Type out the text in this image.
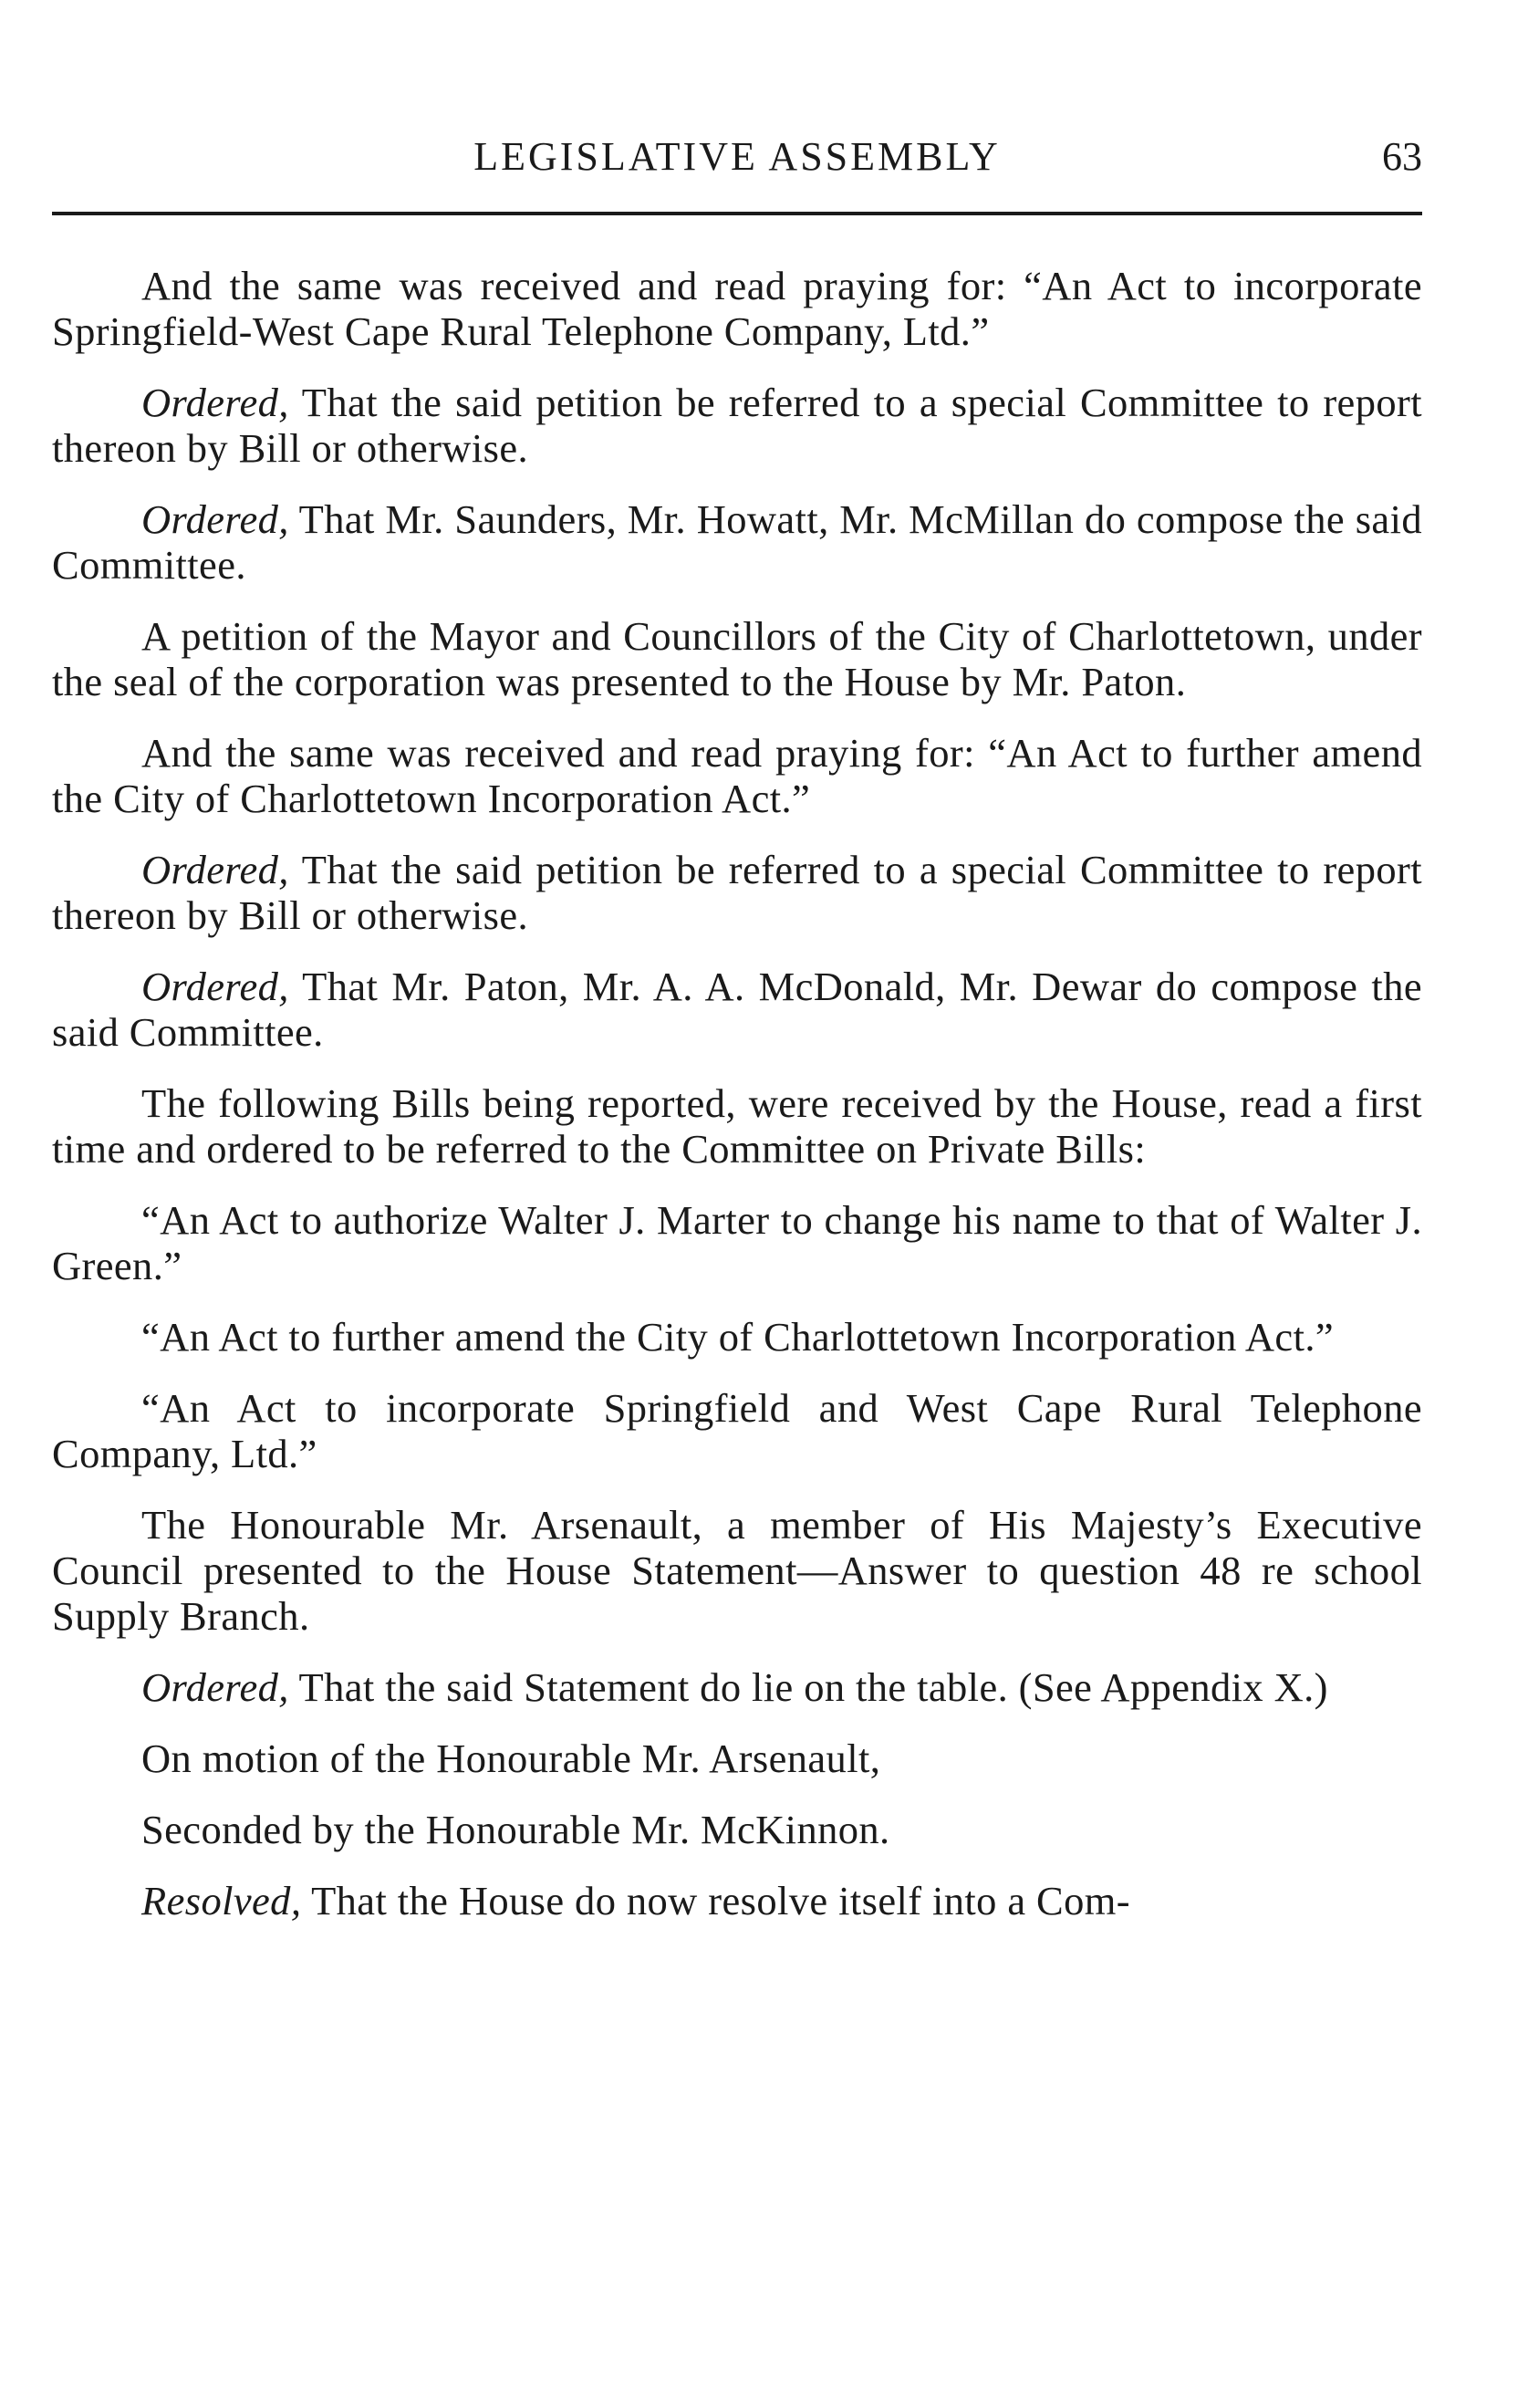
LEGISLATIVE ASSEMBLY	63

And the same was received and read praying for: “An Act to incorporate Springfield-West Cape Rural Telephone Company, Ltd.”

Ordered, That the said petition be referred to a special Committee to report thereon by Bill or otherwise.

Ordered, That Mr. Saunders, Mr. Howatt, Mr. McMillan do compose the said Committee.

A petition of the Mayor and Councillors of the City of Charlottetown, under the seal of the corporation was presented to the House by Mr. Paton.

And the same was received and read praying for: “An Act to further amend the City of Charlottetown Incorporation Act.”

Ordered, That the said petition be referred to a special Committee to report thereon by Bill or otherwise.

Ordered, That Mr. Paton, Mr. A. A. McDonald, Mr. Dewar do compose the said Committee.

The following Bills being reported, were received by the House, read a first time and ordered to be referred to the Committee on Private Bills:

“An Act to authorize Walter J. Marter to change his name to that of Walter J. Green.”

“An Act to further amend the City of Charlottetown Incorporation Act.”

“An Act to incorporate Springfield and West Cape Rural Telephone Company, Ltd.”

The Honourable Mr. Arsenault, a member of His Majesty’s Executive Council presented to the House Statement—Answer to question 48 re school Supply Branch.

Ordered, That the said Statement do lie on the table. (See Appendix X.)

On motion of the Honourable Mr. Arsenault,

Seconded by the Honourable Mr. McKinnon.

Resolved, That the House do now resolve itself into a Com-
